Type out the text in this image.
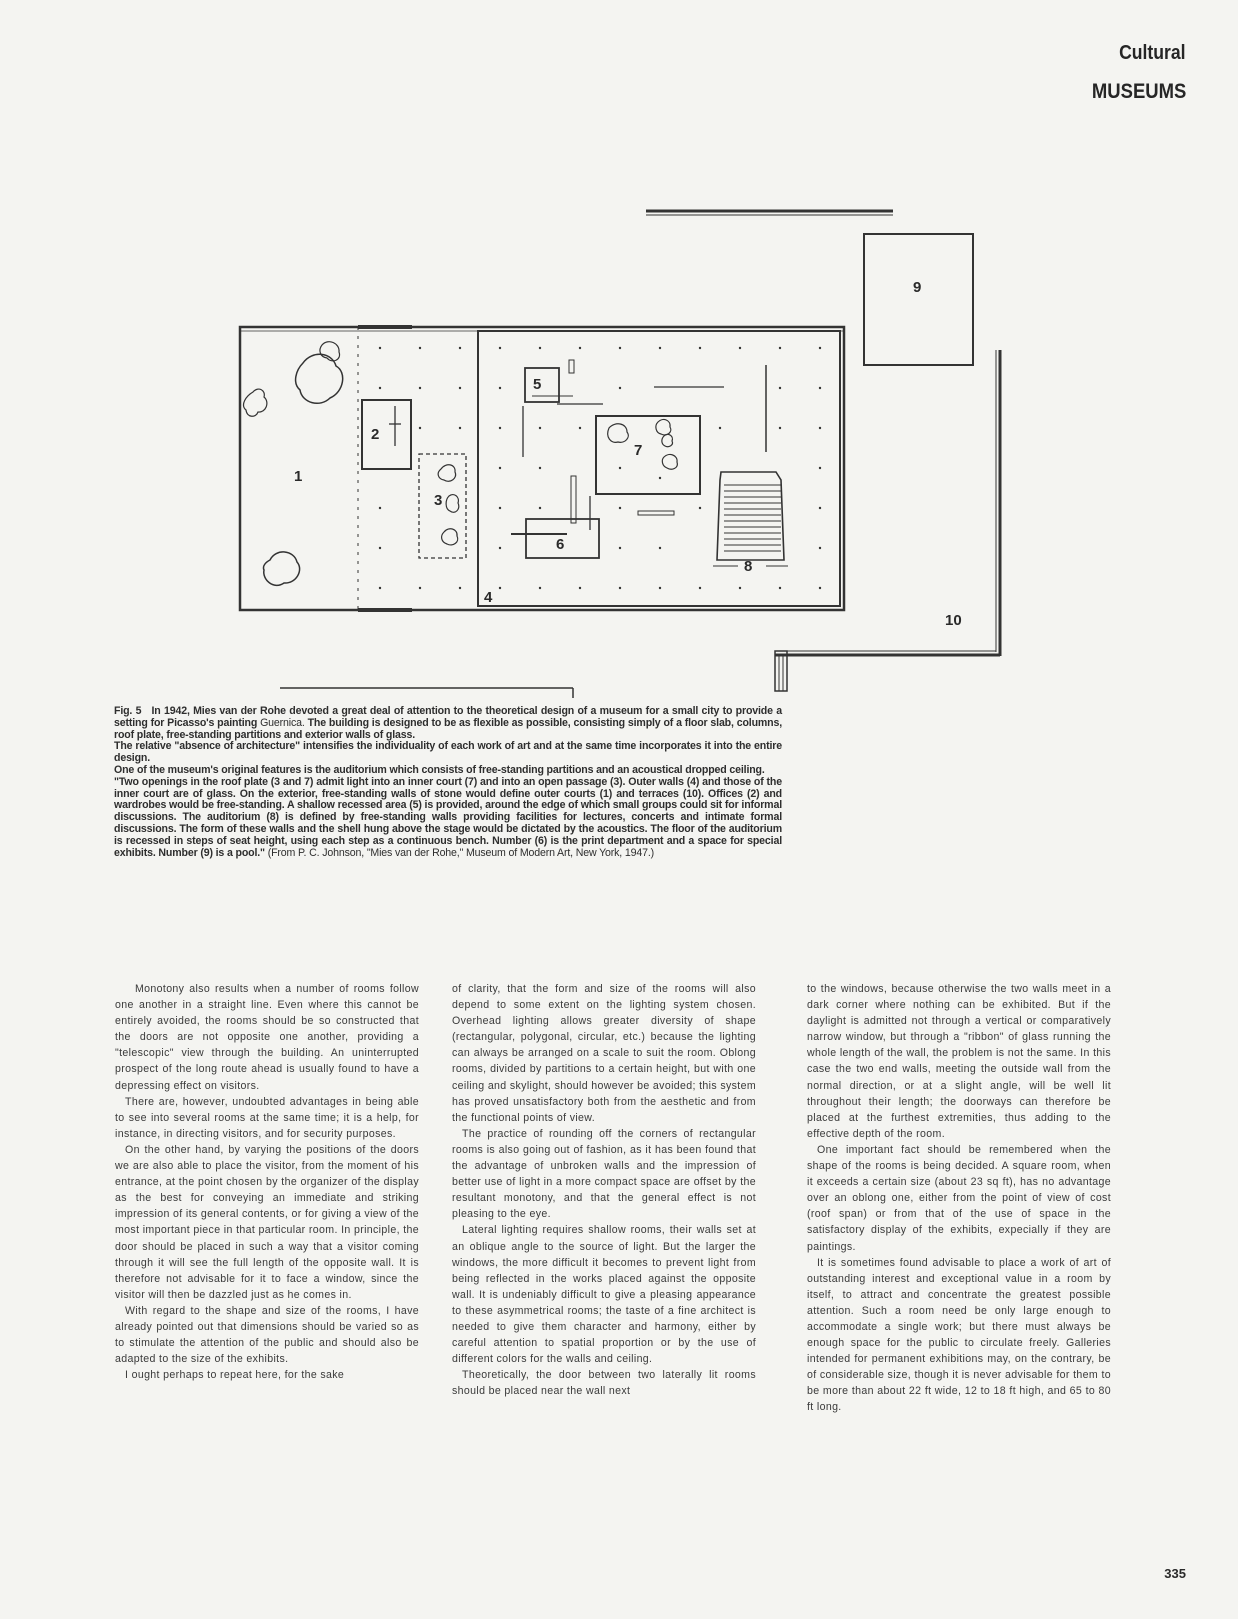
Cultural
MUSEUMS
1
2
3
4
5
6
7
8
9
10

Fig. 5 In 1942, Mies van der Rohe devoted a great deal of attention to the theoretical design of a museum for a small city to provide a setting for Picasso's painting Guernica. The building is designed to be as flexible as possible, consisting simply of a floor slab, columns, roof plate, free-standing partitions and exterior walls of glass.

The relative "absence of architecture" intensifies the individuality of each work of art and at the same time incorporates it into the entire design.

One of the museum's original features is the auditorium which consists of free-standing partitions and an acoustical dropped ceiling.

"Two openings in the roof plate (3 and 7) admit light into an inner court (7) and into an open passage (3). Outer walls (4) and those of the inner court are of glass. On the exterior, free-standing walls of stone would define outer courts (1) and terraces (10). Offices (2) and wardrobes would be free-standing. A shallow recessed area (5) is provided, around the edge of which small groups could sit for informal discussions. The auditorium (8) is defined by free-standing walls providing facilities for lectures, concerts and intimate formal discussions. The form of these walls and the shell hung above the stage would be dictated by the acoustics. The floor of the auditorium is recessed in steps of seat height, using each step as a continuous bench. Number (6) is the print department and a space for special exhibits. Number (9) is a pool." (From P. C. Johnson, "Mies van der Rohe," Museum of Modern Art, New York, 1947.)

Monotony also results when a number of rooms follow one another in a straight line. Even where this cannot be entirely avoided, the rooms should be so constructed that the doors are not opposite one another, providing a "telescopic" view through the building. An uninterrupted prospect of the long route ahead is usually found to have a depressing effect on visitors.

There are, however, undoubted advantages in being able to see into several rooms at the same time; it is a help, for instance, in directing visitors, and for security purposes.

On the other hand, by varying the positions of the doors we are also able to place the visitor, from the moment of his entrance, at the point chosen by the organizer of the display as the best for conveying an immediate and striking impression of its general contents, or for giving a view of the most important piece in that particular room. In principle, the door should be placed in such a way that a visitor coming through it will see the full length of the opposite wall. It is therefore not advisable for it to face a window, since the visitor will then be dazzled just as he comes in.

With regard to the shape and size of the rooms, I have already pointed out that dimensions should be varied so as to stimulate the attention of the public and should also be adapted to the size of the exhibits.

I ought perhaps to repeat here, for the sake

of clarity, that the form and size of the rooms will also depend to some extent on the lighting system chosen. Overhead lighting allows greater diversity of shape (rectangular, polygonal, circular, etc.) because the lighting can always be arranged on a scale to suit the room. Oblong rooms, divided by partitions to a certain height, but with one ceiling and skylight, should however be avoided; this system has proved unsatisfactory both from the aesthetic and from the functional points of view.

The practice of rounding off the corners of rectangular rooms is also going out of fashion, as it has been found that the advantage of unbroken walls and the impression of better use of light in a more compact space are offset by the resultant monotony, and that the general effect is not pleasing to the eye.

Lateral lighting requires shallow rooms, their walls set at an oblique angle to the source of light. But the larger the windows, the more difficult it becomes to prevent light from being reflected in the works placed against the opposite wall. It is undeniably difficult to give a pleasing appearance to these asymmetrical rooms; the taste of a fine architect is needed to give them character and harmony, either by careful attention to spatial proportion or by the use of different colors for the walls and ceiling.

Theoretically, the door between two laterally lit rooms should be placed near the wall next

to the windows, because otherwise the two walls meet in a dark corner where nothing can be exhibited. But if the daylight is admitted not through a vertical or comparatively narrow window, but through a "ribbon" of glass running the whole length of the wall, the problem is not the same. In this case the two end walls, meeting the outside wall from the normal direction, or at a slight angle, will be well lit throughout their length; the doorways can therefore be placed at the furthest extremities, thus adding to the effective depth of the room.

One important fact should be remembered when the shape of the rooms is being decided. A square room, when it exceeds a certain size (about 23 sq ft), has no advantage over an oblong one, either from the point of view of cost (roof span) or from that of the use of space in the satisfactory display of the exhibits, expecially if they are paintings.

It is sometimes found advisable to place a work of art of outstanding interest and exceptional value in a room by itself, to attract and concentrate the greatest possible attention. Such a room need be only large enough to accommodate a single work; but there must always be enough space for the public to circulate freely. Galleries intended for permanent exhibitions may, on the contrary, be of considerable size, though it is never advisable for them to be more than about 22 ft wide, 12 to 18 ft high, and 65 to 80 ft long.

335
